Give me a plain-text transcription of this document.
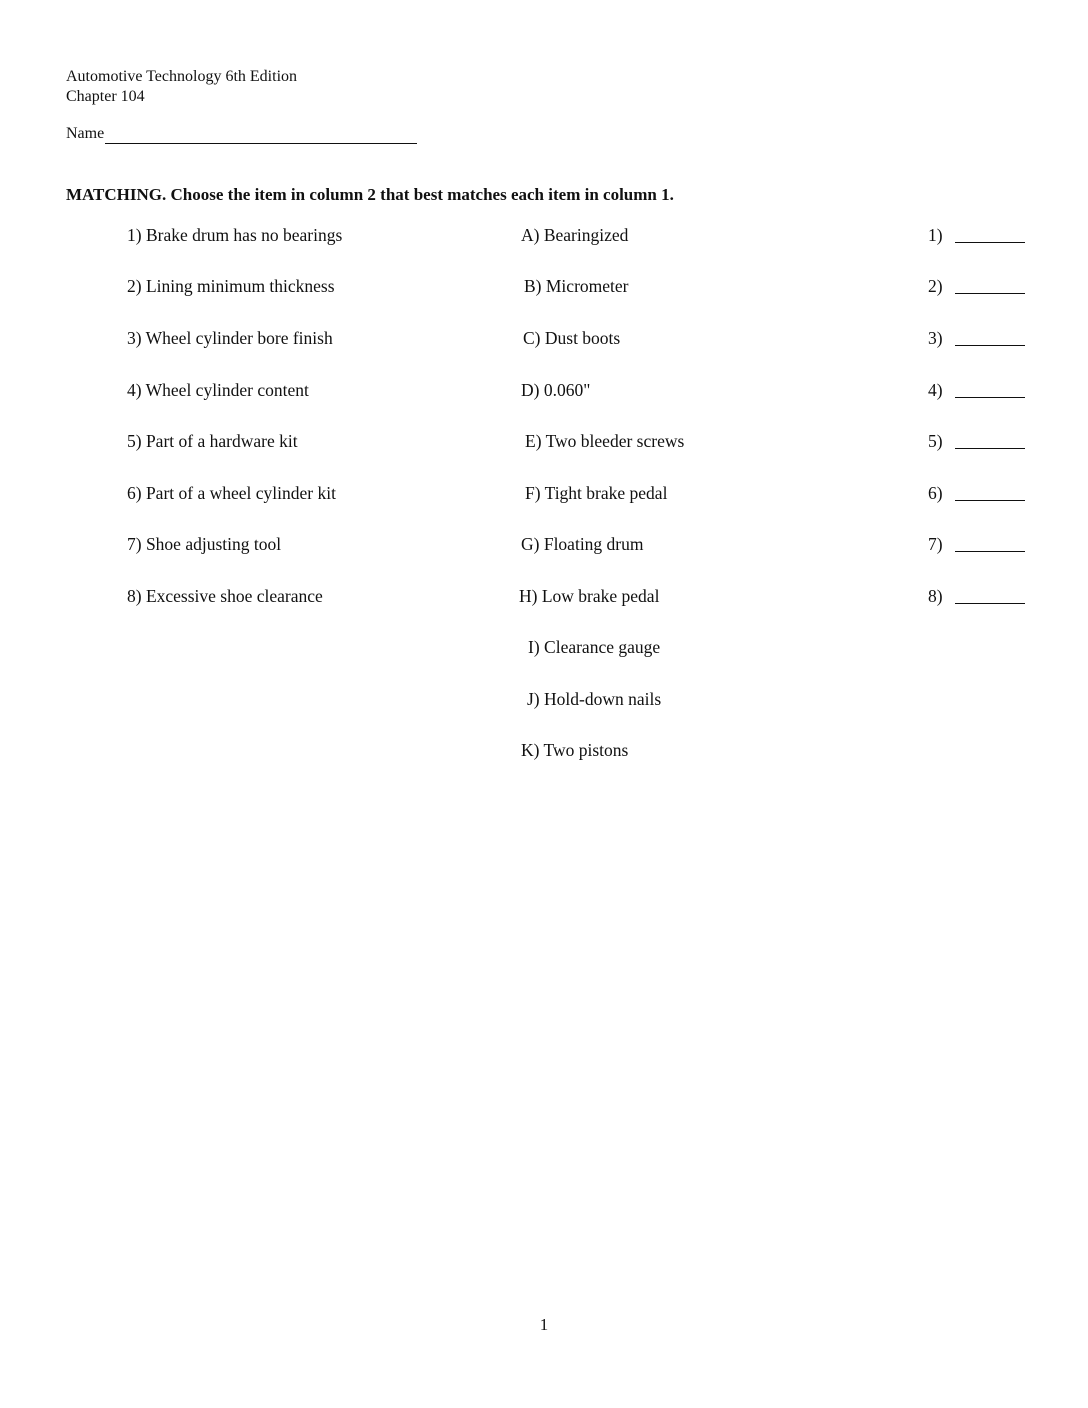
Automotive Technology 6th Edition
Chapter 104
Name
MATCHING. Choose the item in column 2 that best matches each item in column 1.
1) Brake drum has no bearings	A) Bearingized	1)
2) Lining minimum thickness	B) Micrometer	2)
3) Wheel cylinder bore finish	C) Dust boots	3)
4) Wheel cylinder content	D) 0.060"	4)
5) Part of a hardware kit	E) Two bleeder screws	5)
6) Part of a wheel cylinder kit	F) Tight brake pedal	6)
7) Shoe adjusting tool	G) Floating drum	7)
8) Excessive shoe clearance	H) Low brake pedal	8)
I) Clearance gauge
J) Hold-down nails
K) Two pistons
1
